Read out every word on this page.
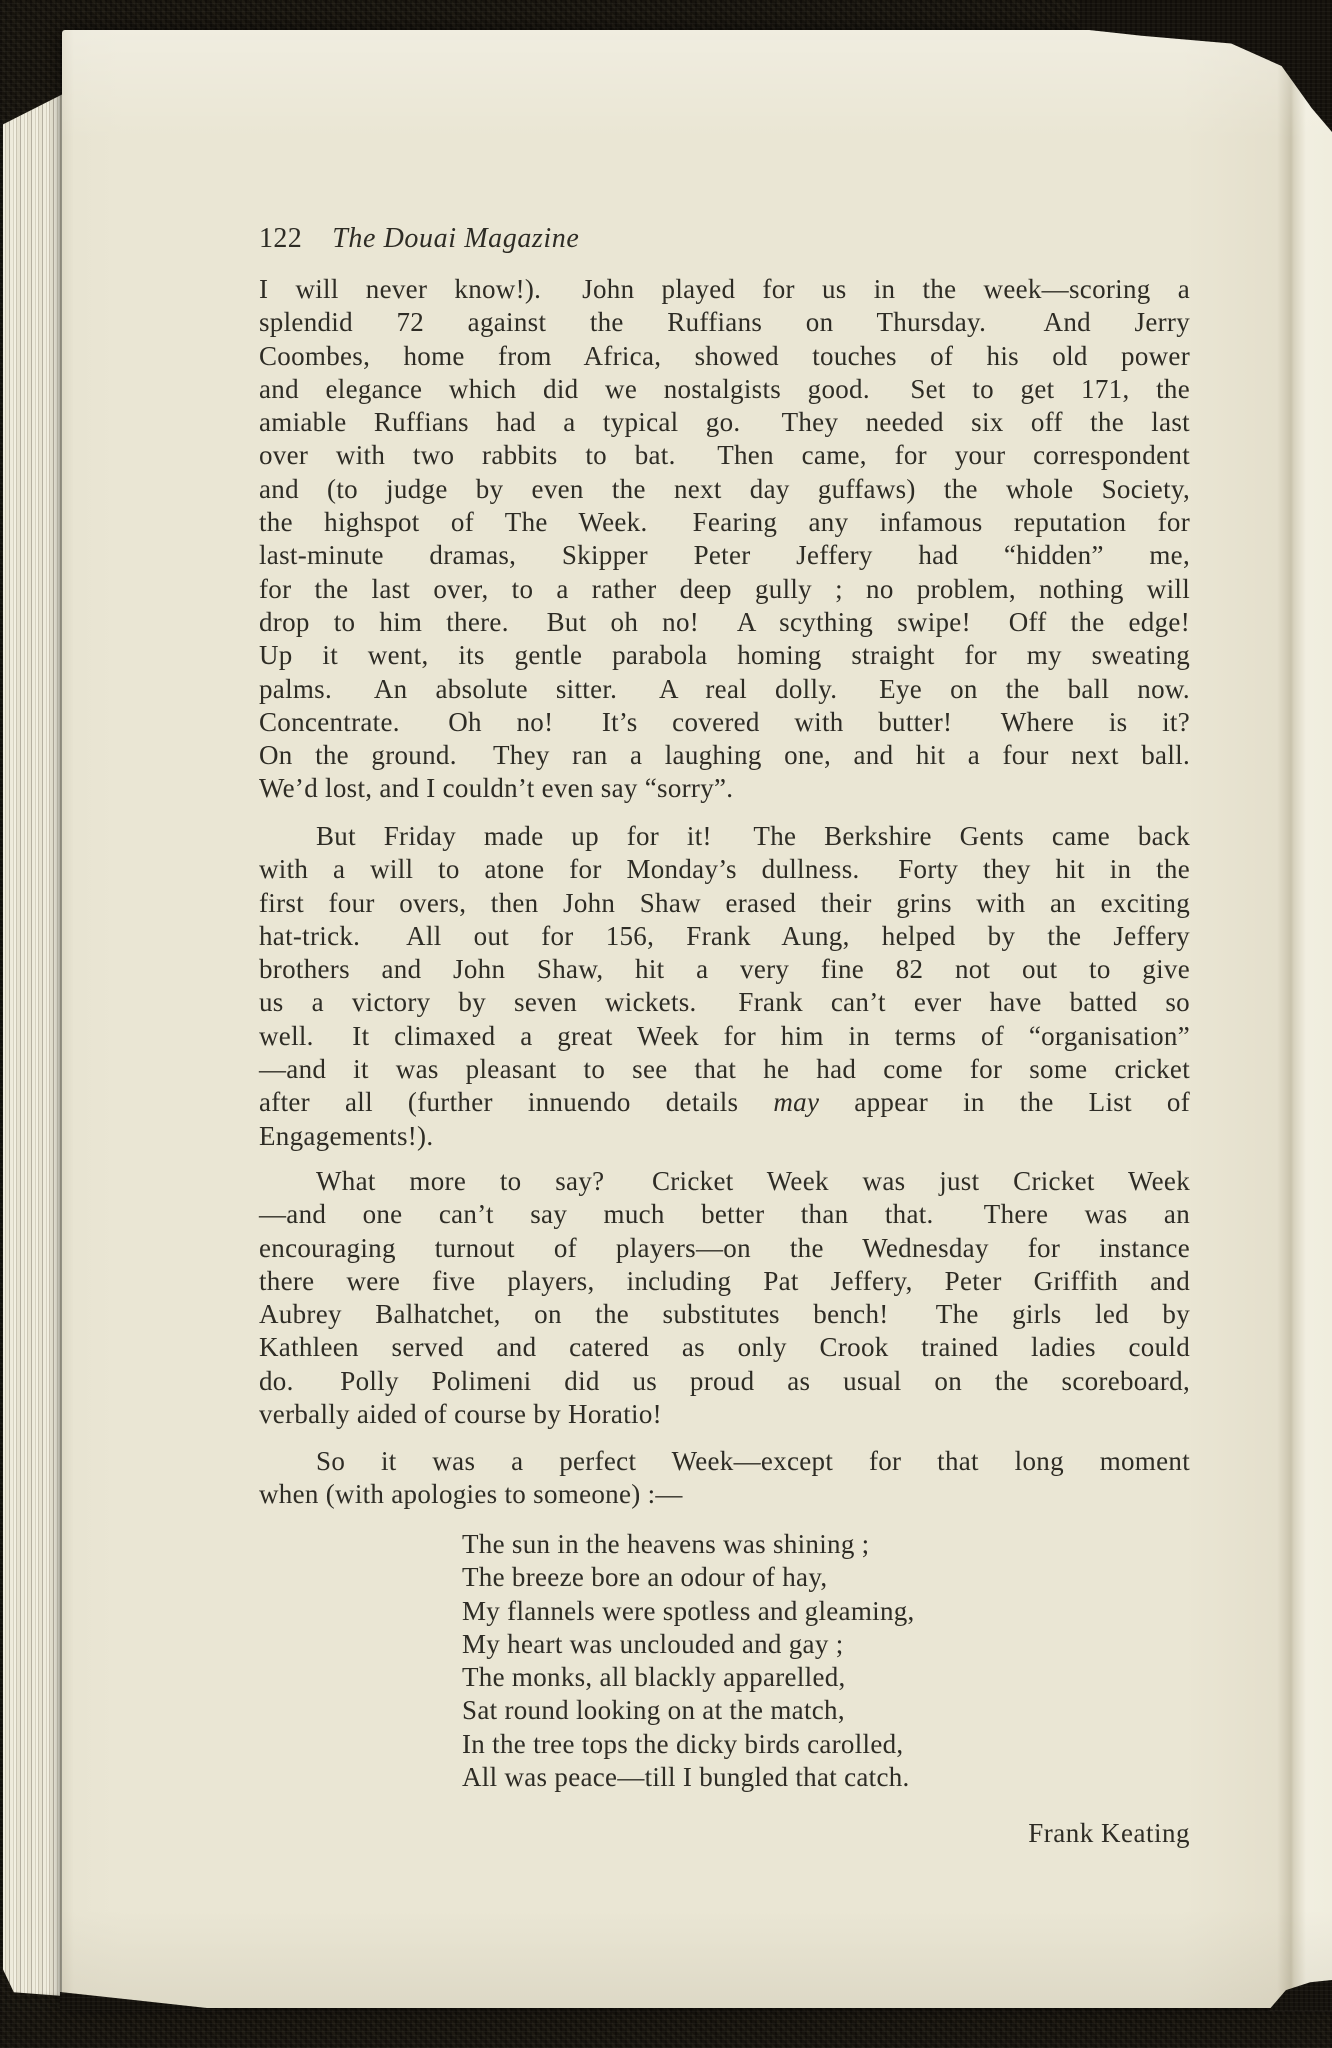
122 The Douai Magazine
I will never know!).  John played for us in the week—scoring a
splendid 72 against the Ruffians on Thursday.  And Jerry
Coombes, home from Africa, showed touches of his old power
and elegance which did we nostalgists good.  Set to get 171, the
amiable Ruffians had a typical go.  They needed six off the last
over with two rabbits to bat.  Then came, for your correspondent
and (to judge by even the next day guffaws) the whole Society,
the highspot of The Week.  Fearing any infamous reputation for
last-minute dramas, Skipper Peter Jeffery had “hidden” me,
for the last over, to a rather deep gully ; no problem, nothing will
drop to him there.  But oh no!  A scything swipe!  Off the edge!
Up it went, its gentle parabola homing straight for my sweating
palms.  An absolute sitter.  A real dolly.  Eye on the ball now.
Concentrate.  Oh no!  It’s covered with butter!  Where is it?
On the ground.  They ran a laughing one, and hit a four next ball.
We’d lost, and I couldn’t even say “sorry”.
But Friday made up for it!  The Berkshire Gents came back
with a will to atone for Monday’s dullness.  Forty they hit in the
first four overs, then John Shaw erased their grins with an exciting
hat-trick.  All out for 156, Frank Aung, helped by the Jeffery
brothers and John Shaw, hit a very fine 82 not out to give
us a victory by seven wickets.  Frank can’t ever have batted so
well.  It climaxed a great Week for him in terms of “organisation”
—and it was pleasant to see that he had come for some cricket
after all (further innuendo details may appear in the List of
Engagements!).
What more to say?  Cricket Week was just Cricket Week
—and one can’t say much better than that.  There was an
encouraging turnout of players—on the Wednesday for instance
there were five players, including Pat Jeffery, Peter Griffith and
Aubrey Balhatchet, on the substitutes bench!  The girls led by
Kathleen served and catered as only Crook trained ladies could
do.  Polly Polimeni did us proud as usual on the scoreboard,
verbally aided of course by Horatio!
So it was a perfect Week—except for that long moment
when (with apologies to someone) :—
The sun in the heavens was shining ;
The breeze bore an odour of hay,
My flannels were spotless and gleaming,
My heart was unclouded and gay ;
The monks, all blackly apparelled,
Sat round looking on at the match,
In the tree tops the dicky birds carolled,
All was peace—till I bungled that catch.
Frank Keating
